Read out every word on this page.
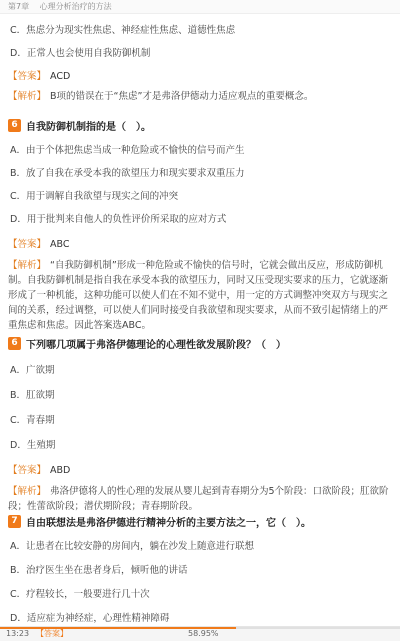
第7章 心理分析治疗的方法
C．焦虑分为现实性焦虑、神经症性焦虑、道德性焦虑
D．正常人也会使用自我防御机制
【答案】 ACD
【解析】 B项的错误在于“焦虑”才是弗洛伊德动力适应观点的重要概念。
6 自我防御机制指的是（　）。
A．由于个体把焦虑当成一种危险或不愉快的信号而产生
B．放了自我在承受本我的欲望压力和现实要求双重压力
C．用于调解自我欲望与现实之间的冲突
D．用于批判来自他人的负性评价所采取的应对方式
【答案】 ABC
【解析】 “自我防御机制”形成一种危险或不愉快的信号时，它就会做出反应，形成防御机制。自我防御机制是指自我在承受本我的欲望压力，同时又压受现实要求的压力，它就逐渐形成了一种机能，这种功能可以使人们在不知不觉中，用一定的方式调整冲突双方与现实之间的关系，经过调整，可以使人们同时接受自我欲望和现实要求，从而不致引起情绪上的严重焦虑和焦虑。因此答案选ABC。
6 下列哪几项属于弗洛伊德理论的心理性欲发展阶段？（　）
A．广欲期
B．肛欲期
C．青春期
D．生殖期
【答案】 ABD
【解析】 弗洛伊德将人的性心理的发展从婴儿起到青春期分为5个阶段：口欲阶段；肛欲阶段；性蕾欲阶段；潜伏期阶段；青春期阶段。
7 自由联想法是弗洛伊德进行精神分析的主要方法之一，它（　）。
A．让患者在比较安静的房间内，躺在沙发上随意进行联想
B．治疗医生坐在患者身后，倾听他的讲话
C．疗程较长，一般要进行几十次
D．适应症为神经症，心理性精神障碍
13:23 【答案】	58.95%
